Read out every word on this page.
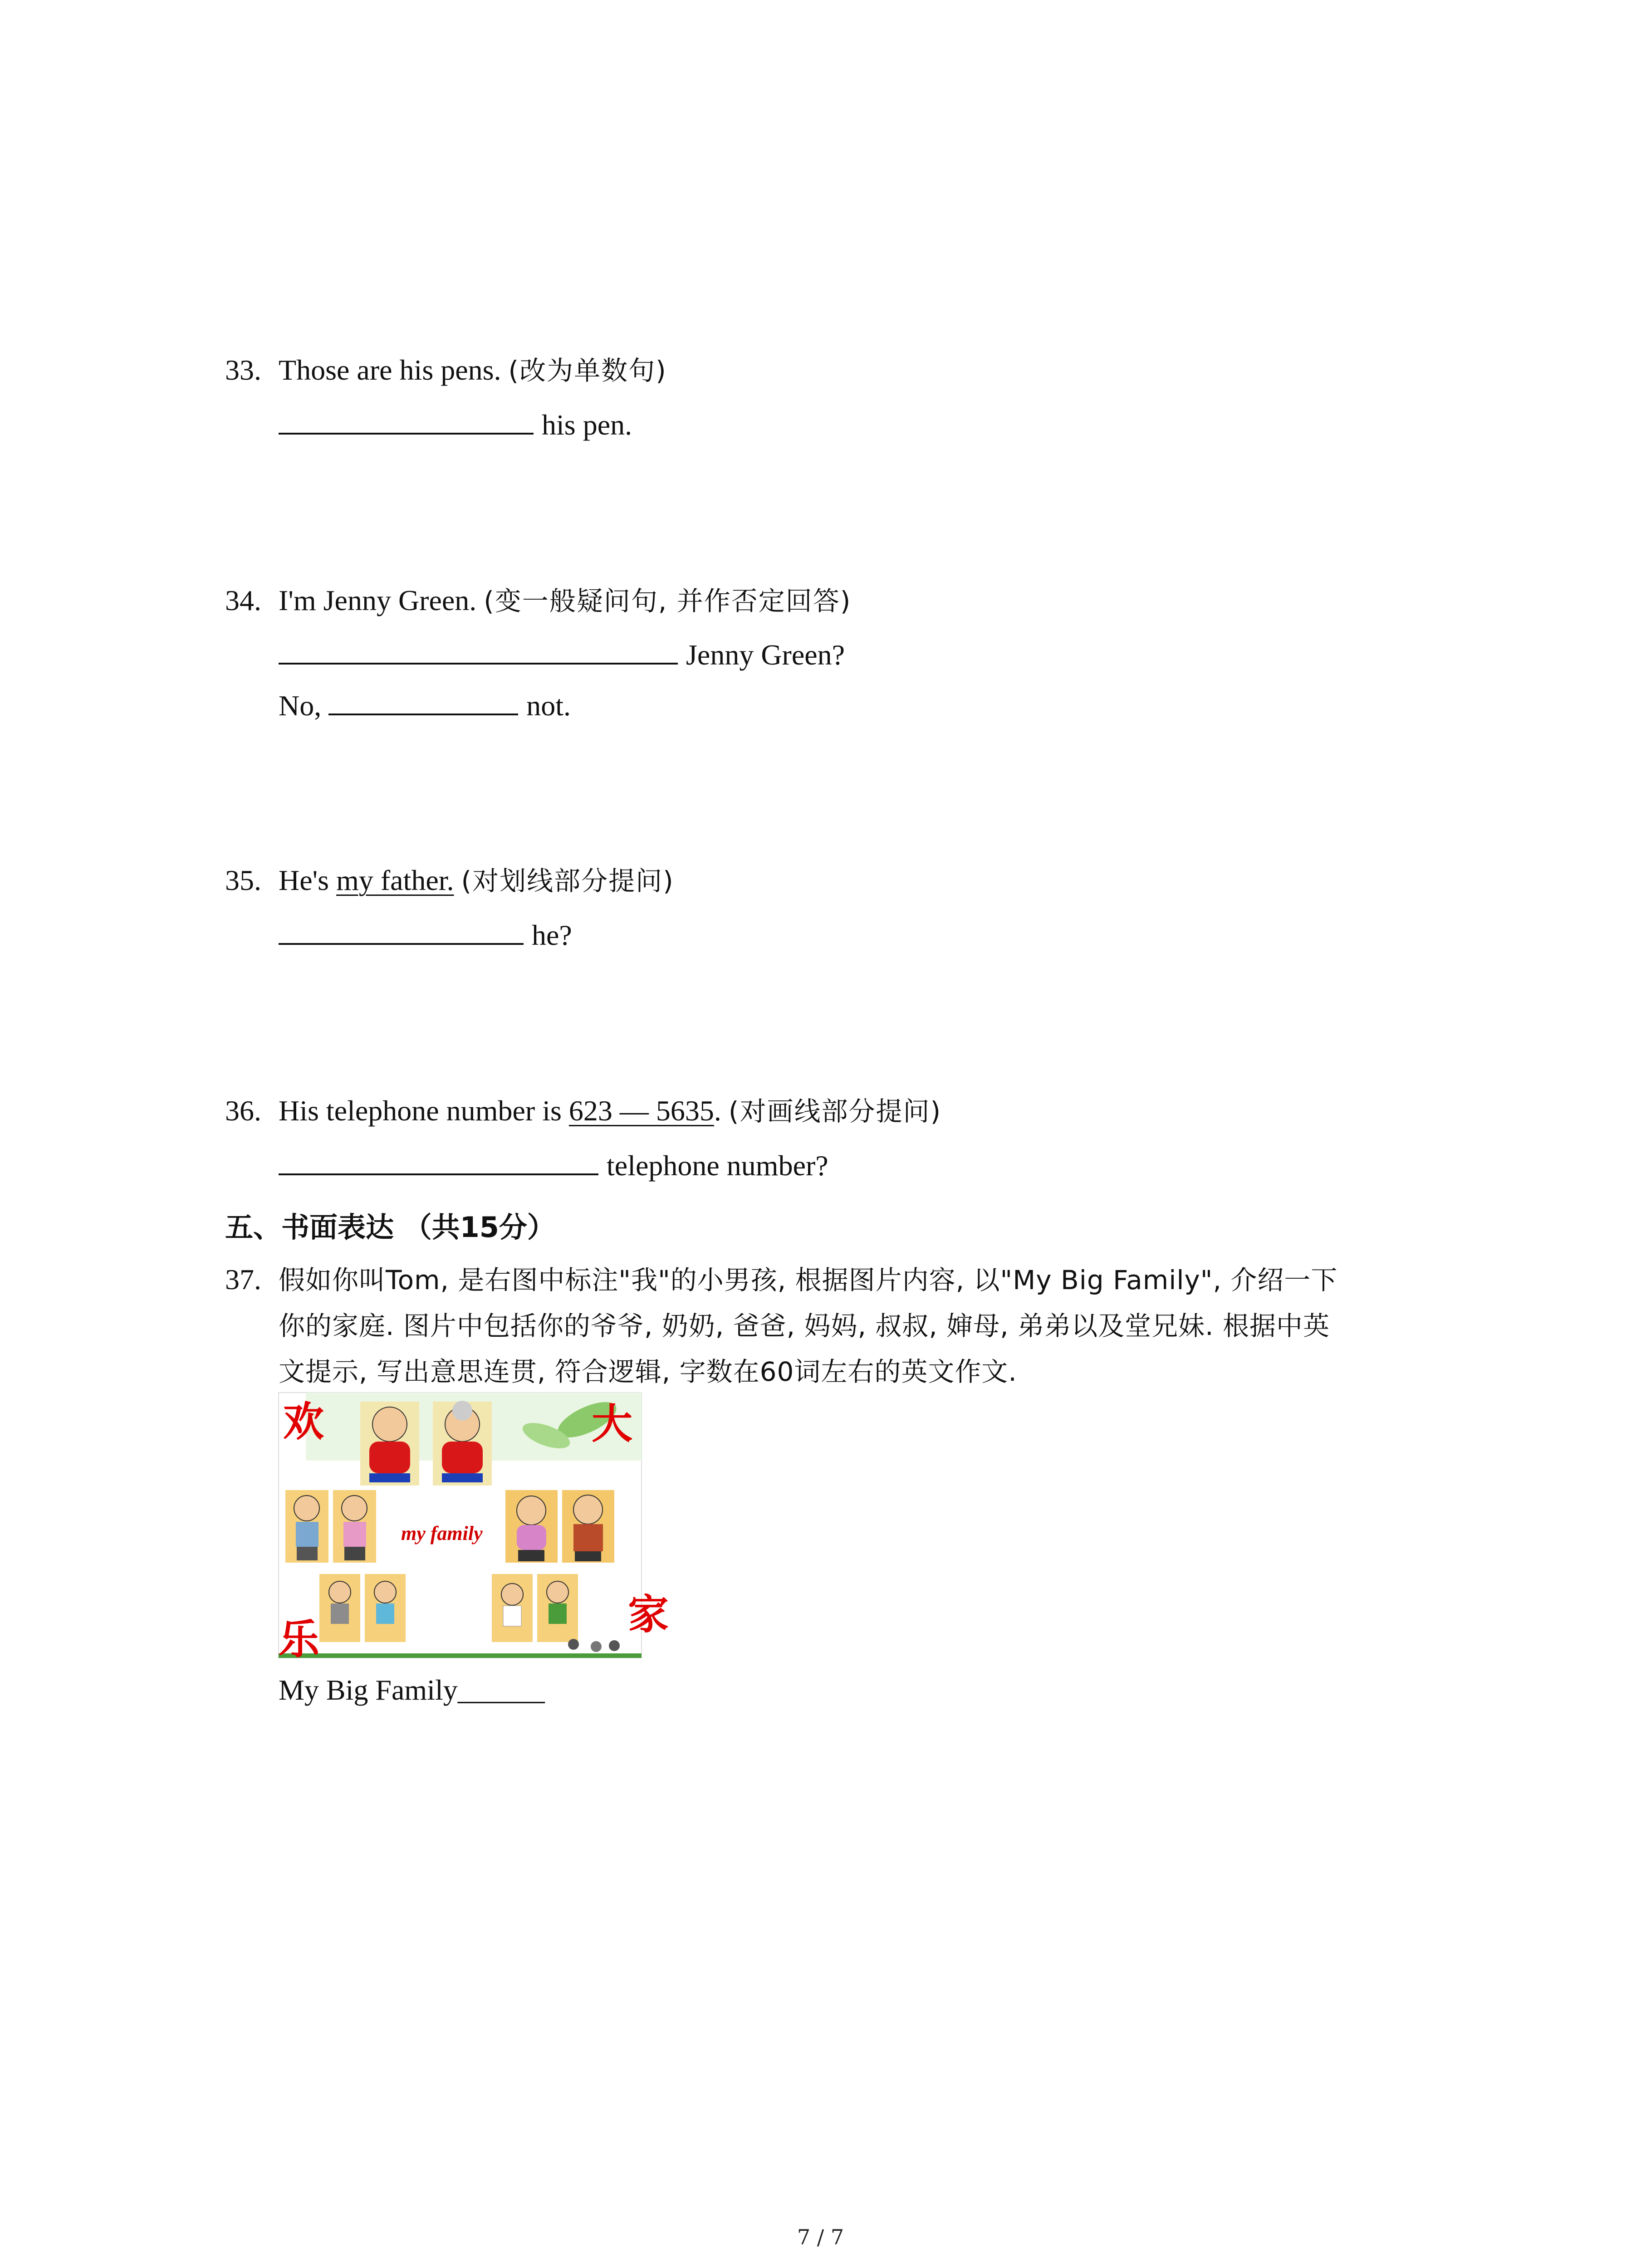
33. Those are his pens. (改为单数句)
his pen.
34. I'm Jenny Green. (变一般疑问句, 并作否定回答)
Jenny Green?
No,	not.
35. He's my father. (对划线部分提问)
he?
36. His telephone number is 623 — 5635. (对画线部分提问)
telephone number?
五、书面表达 （共15分）
37. 假如你叫Tom, 是右图中标注"我"的小男孩, 根据图片内容, 以"My Big Family", 介绍一下
你的家庭. 图片中包括你的爷爷, 奶奶, 爸爸, 妈妈, 叔叔, 婶母, 弟弟以及堂兄妹. 根据中英
文提示, 写出意思连贯, 符合逻辑, 字数在60词左右的英文作文.
欢	大
乐
家
my family
My Big Family______
7 / 7
